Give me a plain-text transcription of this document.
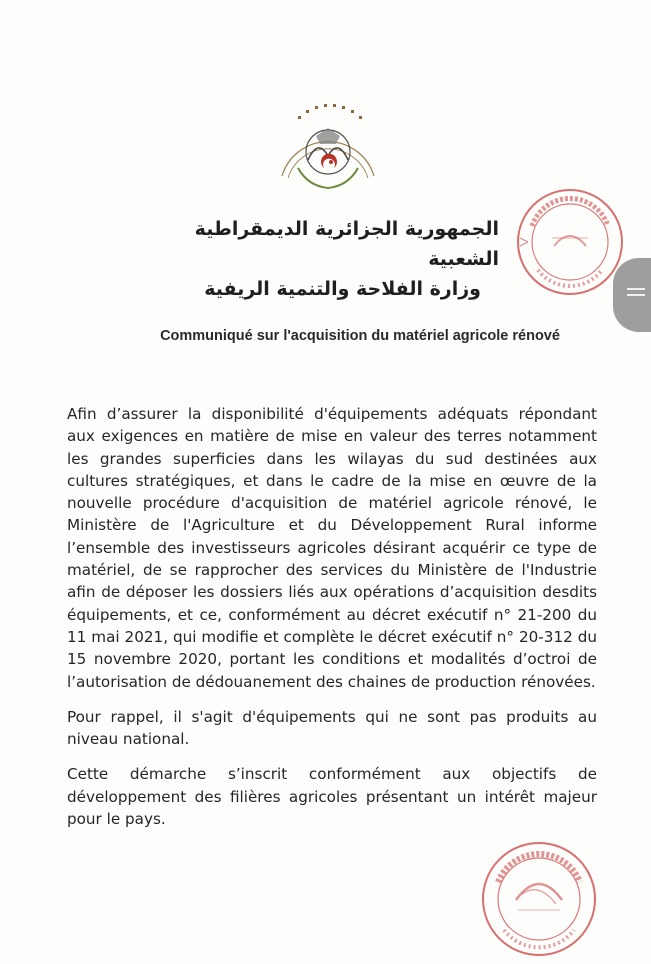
الجمهورية الجزائرية الديمقراطية الشعبية
وزارة الفلاحة والتنمية الريفية
Communiqué sur l'acquisition du matériel agricole rénové

Afin d’assurer la disponibilité d'équipements adéquats répondant aux exigences en matière de mise en valeur des terres notamment les grandes superficies dans les wilayas du sud destinées aux cultures stratégiques, et dans le cadre de la mise en œuvre de la nouvelle procédure d'acquisition de matériel agricole rénové, le Ministère de l'Agriculture et du Développement Rural informe l’ensemble des investisseurs agricoles désirant acquérir ce type de matériel, de se rapprocher des services du Ministère de l'Industrie afin de déposer les dossiers liés aux opérations d’acquisition desdits équipements, et ce, conformément au décret exécutif n° 21-200 du 11 mai 2021, qui modifie et complète le décret exécutif n° 20-312 du 15 novembre 2020, portant les conditions et modalités d’octroi de l’autorisation de dédouanement des chaines de production rénovées.

Pour rappel, il s'agit d'équipements qui ne sont pas produits au niveau national.

Cette démarche s’inscrit conformément aux objectifs de développement des filières agricoles présentant un intérêt majeur pour le pays.
